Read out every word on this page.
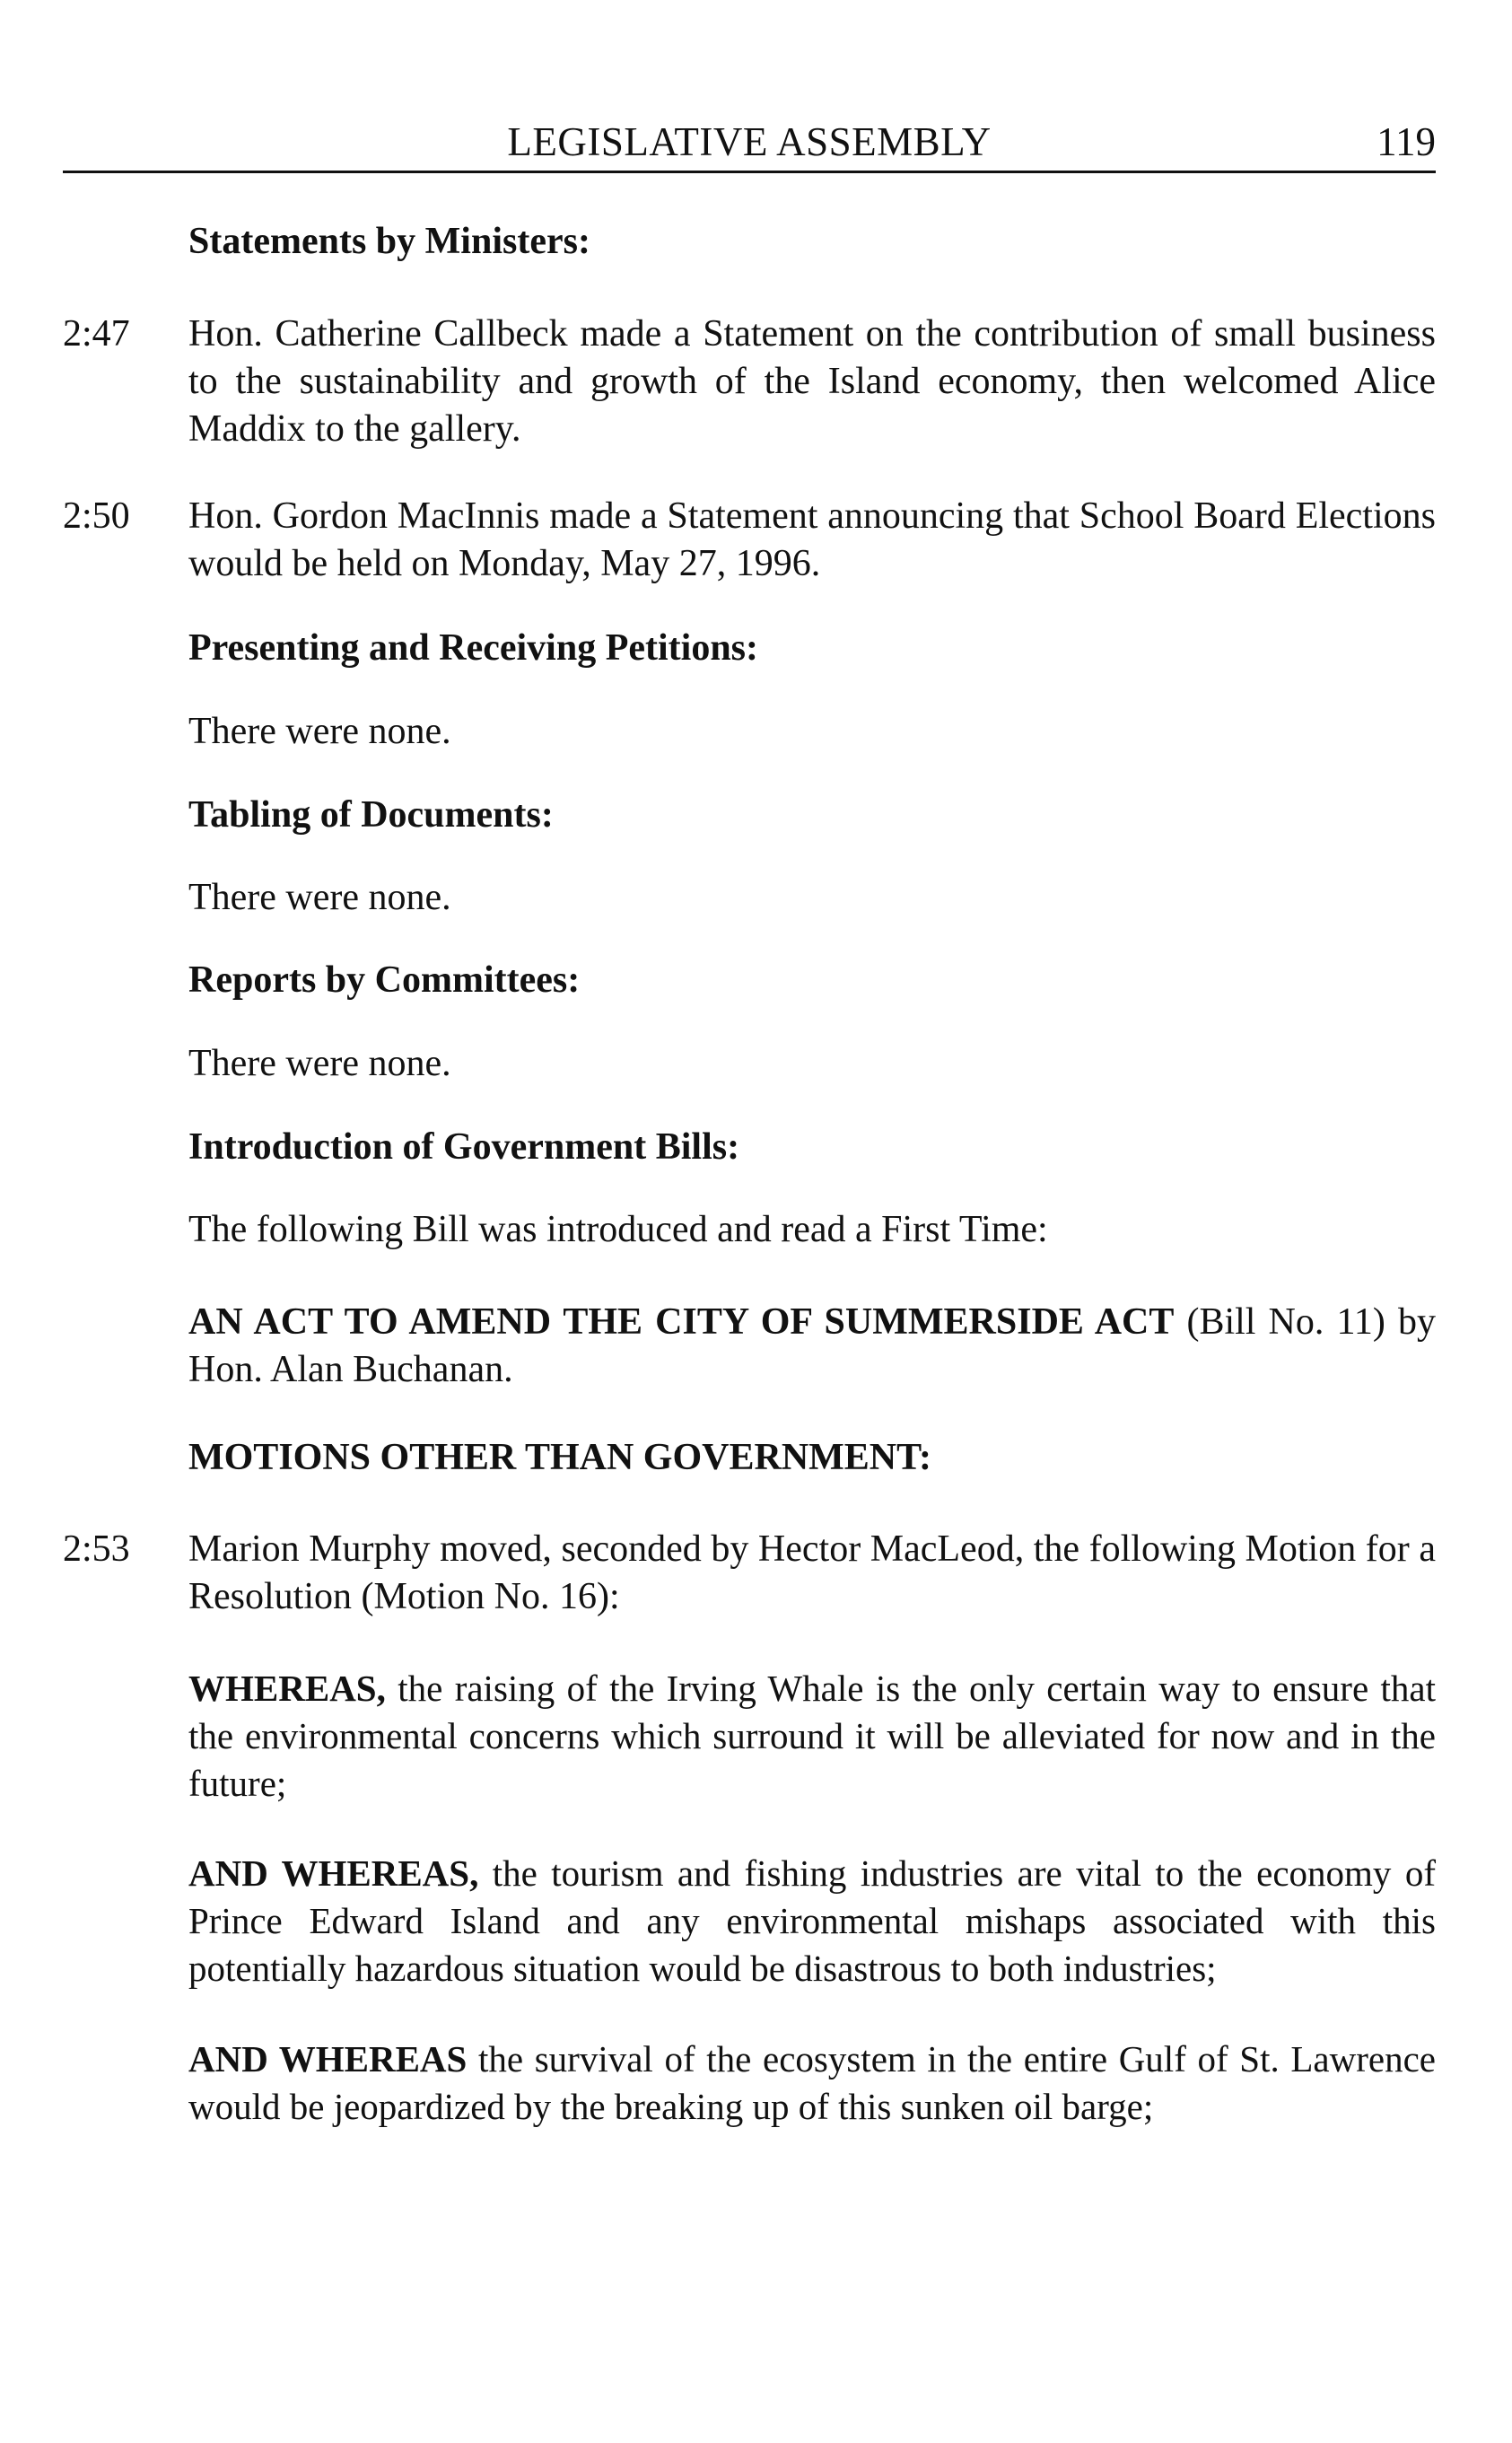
LEGISLATIVE ASSEMBLY	119
Statements by Ministers:
2:47 Hon. Catherine Callbeck made a Statement on the contribution of small business to the sustainability and growth of the Island economy, then welcomed Alice Maddix to the gallery.
2:50 Hon. Gordon MacInnis made a Statement announcing that School Board Elections would be held on Monday, May 27, 1996.
Presenting and Receiving Petitions:
There were none.
Tabling of Documents:
There were none.
Reports by Committees:
There were none.
Introduction of Government Bills:
The following Bill was introduced and read a First Time:
AN ACT TO AMEND THE CITY OF SUMMERSIDE ACT (Bill No. 11) by Hon. Alan Buchanan.
MOTIONS OTHER THAN GOVERNMENT:
2:53 Marion Murphy moved, seconded by Hector MacLeod, the following Motion for a Resolution (Motion No. 16):
WHEREAS, the raising of the Irving Whale is the only certain way to ensure that the environmental concerns which surround it will be alleviated for now and in the future;
AND WHEREAS, the tourism and fishing industries are vital to the economy of Prince Edward Island and any environmental mishaps associated with this potentially hazardous situation would be disastrous to both industries;
AND WHEREAS the survival of the ecosystem in the entire Gulf of St. Lawrence would be jeopardized by the breaking up of this sunken oil barge;
